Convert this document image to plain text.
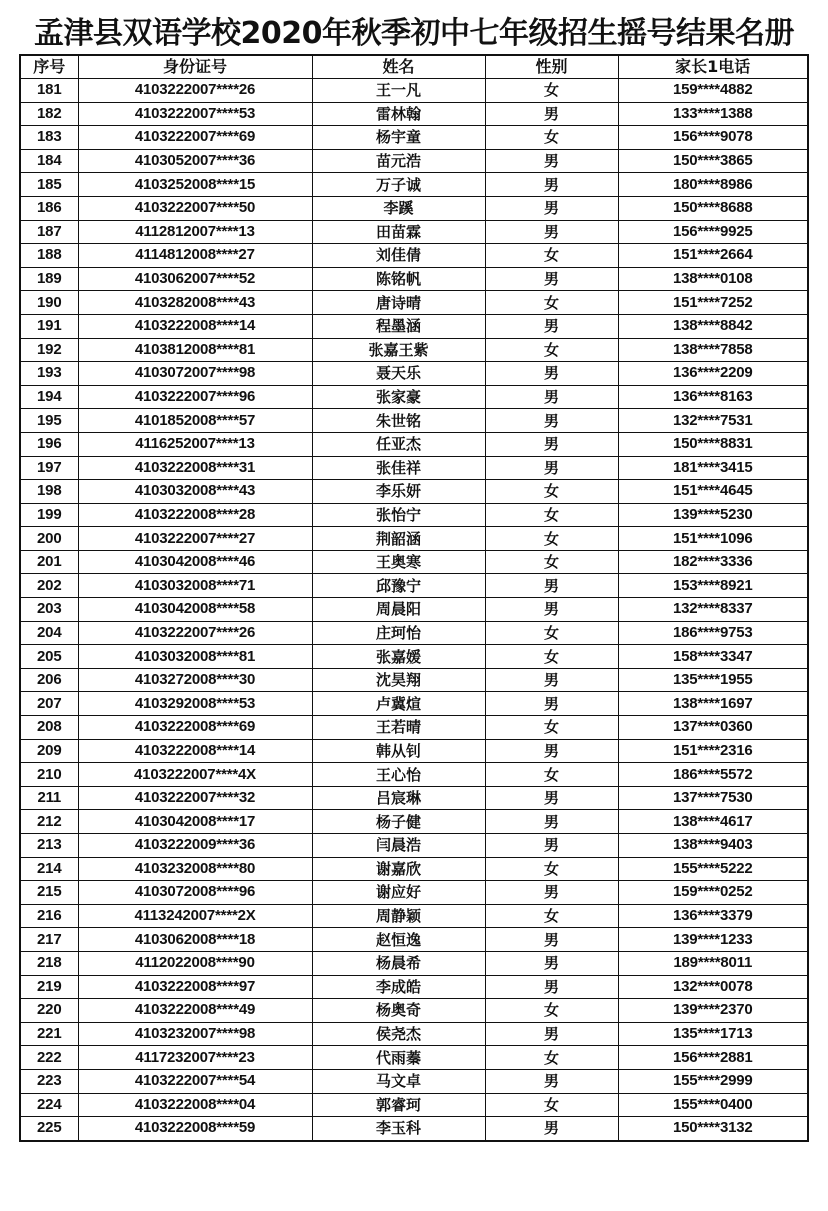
孟津县双语学校2020年秋季初中七年级招生摇号结果名册
序号	身份证号	姓名	性别	家长1电话
181	4103222007****26	王一凡	女	159****4882
182	4103222007****53	雷林翰	男	133****1388
183	4103222007****69	杨宇童	女	156****9078
184	4103052007****36	苗元浩	男	150****3865
185	4103252008****15	万子诚	男	180****8986
186	4103222007****50	李蹊	男	150****8688
187	4112812007****13	田苗霖	男	156****9925
188	4114812008****27	刘佳倩	女	151****2664
189	4103062007****52	陈铭帆	男	138****0108
190	4103282008****43	唐诗晴	女	151****7252
191	4103222008****14	程墨涵	男	138****8842
192	4103812008****81	张嘉王紫	女	138****7858
193	4103072007****98	聂天乐	男	136****2209
194	4103222007****96	张家豪	男	136****8163
195	4101852008****57	朱世铭	男	132****7531
196	4116252007****13	任亚杰	男	150****8831
197	4103222008****31	张佳祥	男	181****3415
198	4103032008****43	李乐妍	女	151****4645
199	4103222008****28	张怡宁	女	139****5230
200	4103222007****27	荆韶涵	女	151****1096
201	4103042008****46	王奥寒	女	182****3336
202	4103032008****71	邱豫宁	男	153****8921
203	4103042008****58	周晨阳	男	132****8337
204	4103222007****26	庄珂怡	女	186****9753
205	4103032008****81	张嘉媛	女	158****3347
206	4103272008****30	沈昊翔	男	135****1955
207	4103292008****53	卢冀煊	男	138****1697
208	4103222008****69	王若晴	女	137****0360
209	4103222008****14	韩从钊	男	151****2316
210	4103222007****4X	王心怡	女	186****5572
211	4103222007****32	吕宸琳	男	137****7530
212	4103042008****17	杨子健	男	138****4617
213	4103222009****36	闫晨浩	男	138****9403
214	4103232008****80	谢嘉欣	女	155****5222
215	4103072008****96	谢应好	男	159****0252
216	4113242007****2X	周静颖	女	136****3379
217	4103062008****18	赵恒逸	男	139****1233
218	4112022008****90	杨晨希	男	189****8011
219	4103222008****97	李成皓	男	132****0078
220	4103222008****49	杨奥奇	女	139****2370
221	4103232007****98	侯尧杰	男	135****1713
222	4117232007****23	代雨蓁	女	156****2881
223	4103222007****54	马文卓	男	155****2999
224	4103222008****04	郭睿珂	女	155****0400
225	4103222008****59	李玉科	男	150****3132
